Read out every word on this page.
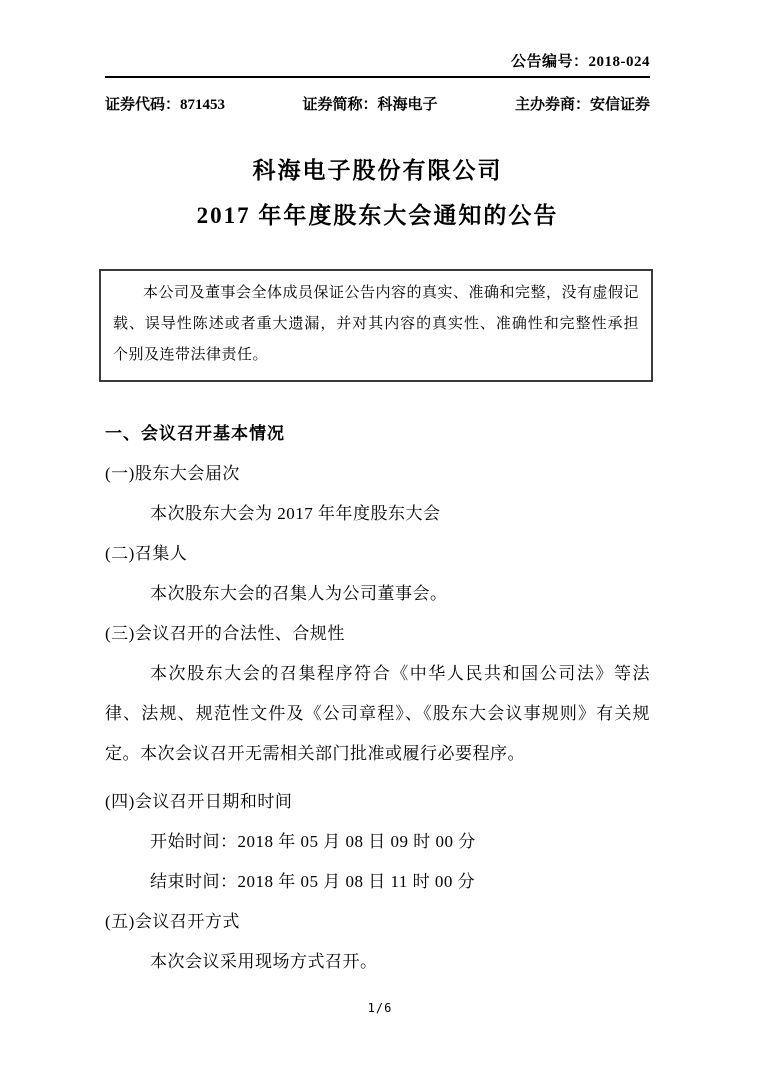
公告编号：2018-024
证券代码：871453	证券简称：科海电子	主办券商：安信证券
科海电子股份有限公司
2017 年年度股东大会通知的公告

本公司及董事会全体成员保证公告内容的真实、准确和完整，没有虚假记载、误导性陈述或者重大遗漏，并对其内容的真实性、准确性和完整性承担个别及连带法律责任。

一、会议召开基本情况
(一)股东大会届次
本次股东大会为 2017 年年度股东大会
(二)召集人
本次股东大会的召集人为公司董事会。
(三)会议召开的合法性、合规性
本次股东大会的召集程序符合《中华人民共和国公司法》等法律、法规、规范性文件及《公司章程》、《股东大会议事规则》有关规定。本次会议召开无需相关部门批准或履行必要程序。
(四)会议召开日期和时间
开始时间：2018 年 05 月 08 日 09 时 00 分
结束时间：2018 年 05 月 08 日 11 时 00 分
(五)会议召开方式
本次会议采用现场方式召开。
1/6
